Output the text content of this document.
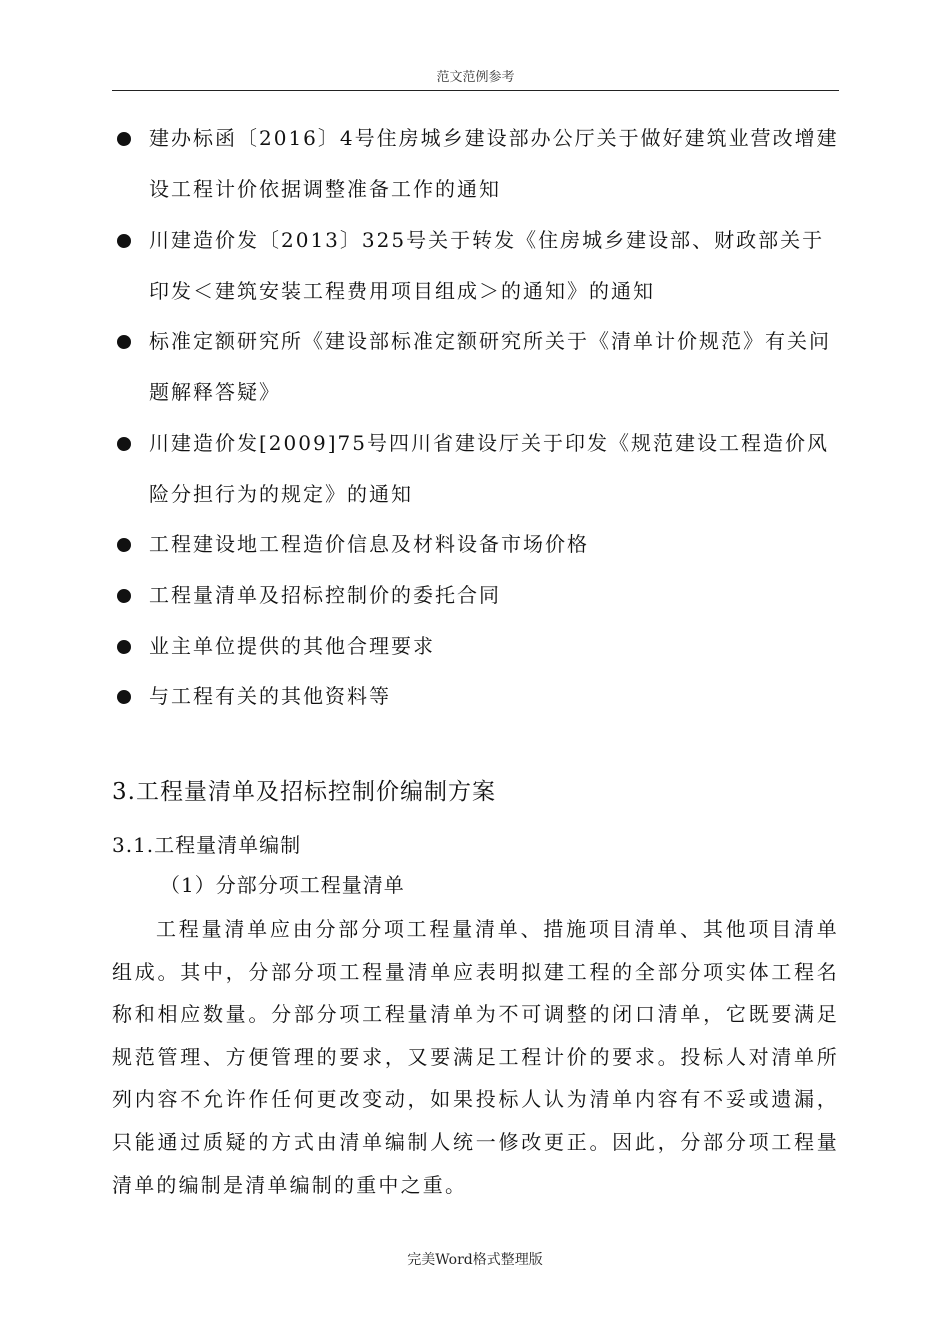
范文范例参考
建办标函〔2016〕4号住房城乡建设部办公厅关于做好建筑业营改增建设工程计价依据调整准备工作的通知
川建造价发〔2013〕325号关于转发《住房城乡建设部、财政部关于印发＜建筑安装工程费用项目组成＞的通知》的通知
标准定额研究所《建设部标准定额研究所关于《清单计价规范》有关问题解释答疑》
川建造价发[2009]75号四川省建设厅关于印发《规范建设工程造价风险分担行为的规定》的通知
工程建设地工程造价信息及材料设备市场价格
工程量清单及招标控制价的委托合同
业主单位提供的其他合理要求
与工程有关的其他资料等
3.工程量清单及招标控制价编制方案
3.1.工程量清单编制
（1）分部分项工程量清单

工程量清单应由分部分项工程量清单、措施项目清单、其他项目清单组成。其中，分部分项工程量清单应表明拟建工程的全部分项实体工程名称和相应数量。分部分项工程量清单为不可调整的闭口清单，它既要满足规范管理、方便管理的要求，又要满足工程计价的要求。投标人对清单所列内容不允许作任何更改变动，如果投标人认为清单内容有不妥或遗漏，只能通过质疑的方式由清单编制人统一修改更正。因此，分部分项工程量清单的编制是清单编制的重中之重。

完美Word格式整理版
